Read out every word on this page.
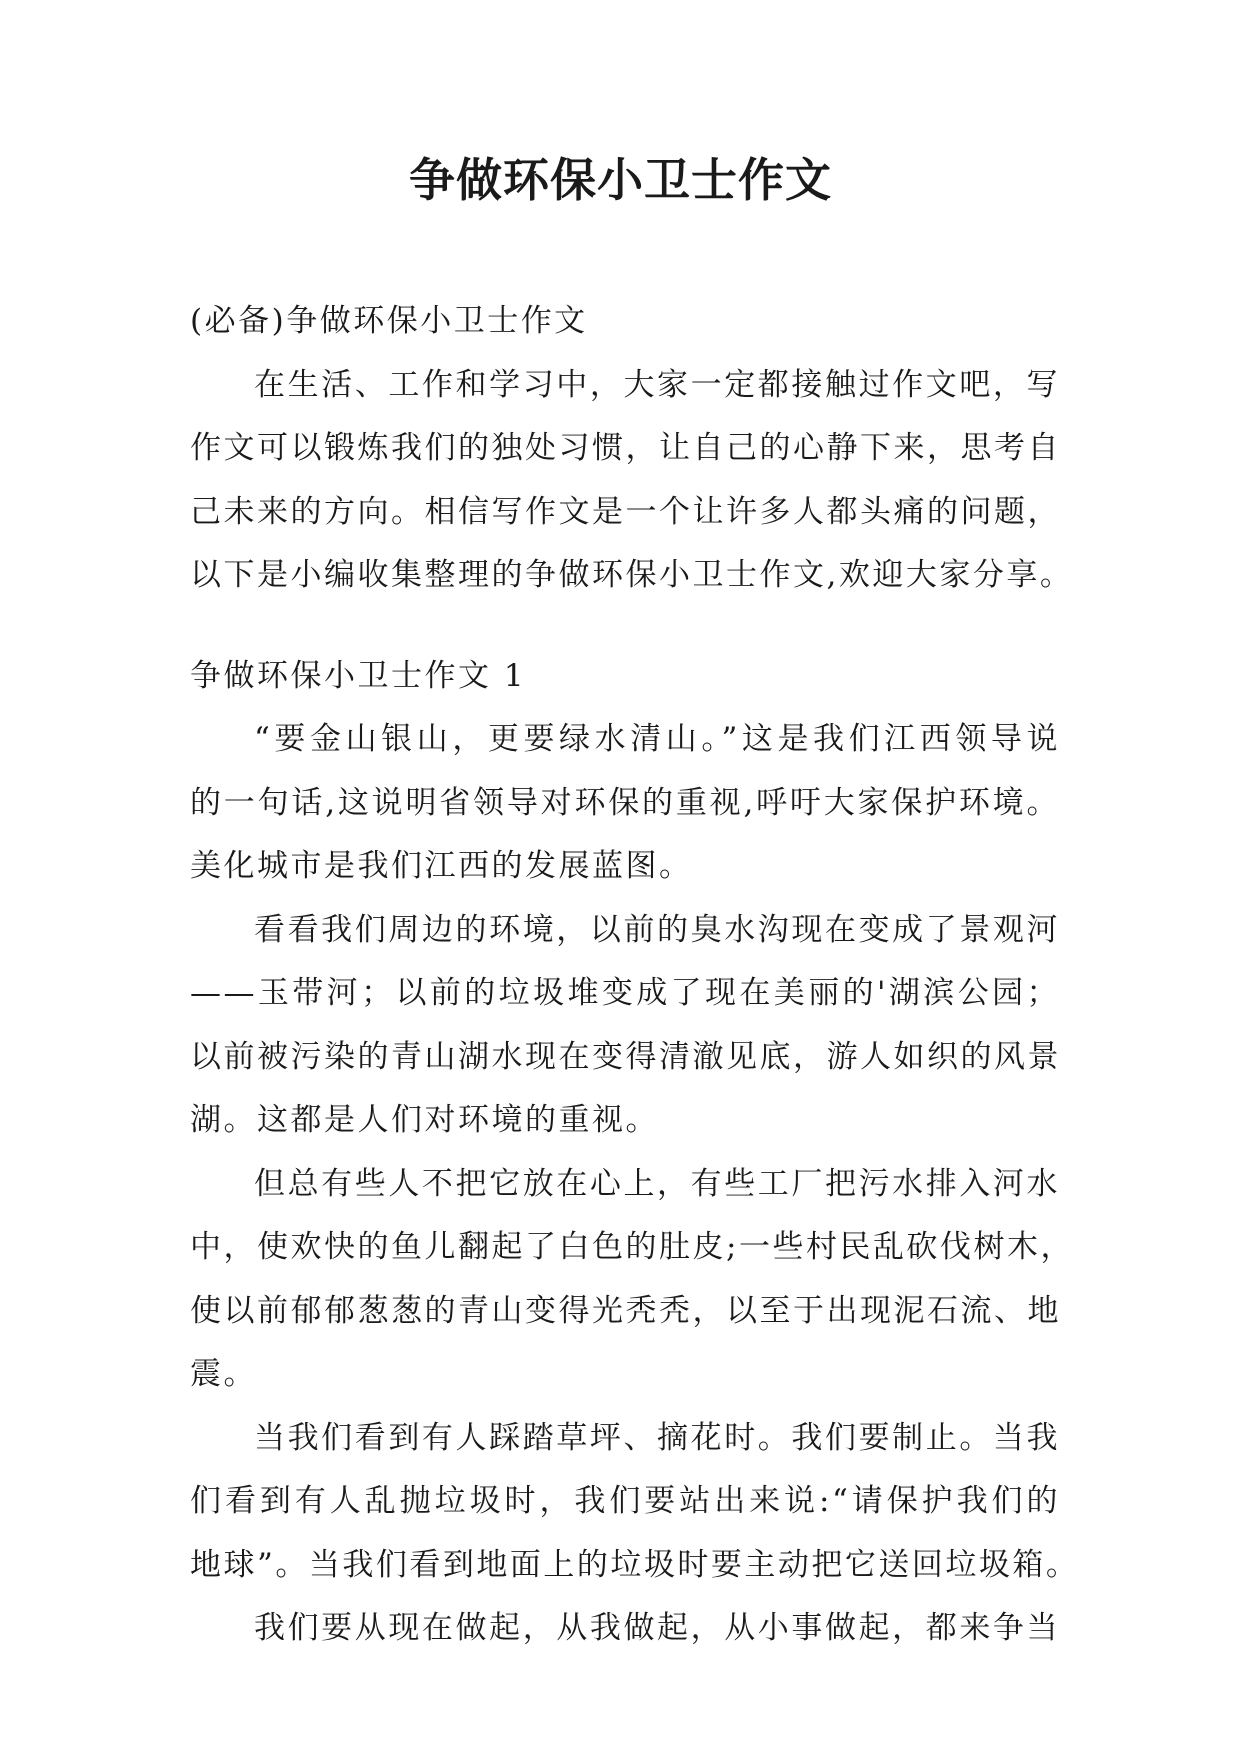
争做环保小卫士作文

(必备)争做环保小卫士作文

在生活、工作和学习中，大家一定都接触过作文吧，写

作文可以锻炼我们的独处习惯，让自己的心静下来，思考自

己未来的方向。相信写作文是一个让许多人都头痛的问题，

以下是小编收集整理的争做环保小卫士作文,欢迎大家分享。

争做环保小卫士作文 1

“要金山银山，更要绿水清山。”这是我们江西领导说

的一句话,这说明省领导对环保的重视,呼吁大家保护环境。

美化城市是我们江西的发展蓝图。

看看我们周边的环境，以前的臭水沟现在变成了景观河

——玉带河；以前的垃圾堆变成了现在美丽的'湖滨公园；

以前被污染的青山湖水现在变得清澈见底，游人如织的风景

湖。这都是人们对环境的重视。

但总有些人不把它放在心上，有些工厂把污水排入河水

中，使欢快的鱼儿翻起了白色的肚皮;一些村民乱砍伐树木，

使以前郁郁葱葱的青山变得光秃秃，以至于出现泥石流、地

震。

当我们看到有人踩踏草坪、摘花时。我们要制止。当我

们看到有人乱抛垃圾时，我们要站出来说:“请保护我们的

地球”。当我们看到地面上的垃圾时要主动把它送回垃圾箱。

我们要从现在做起，从我做起，从小事做起，都来争当
